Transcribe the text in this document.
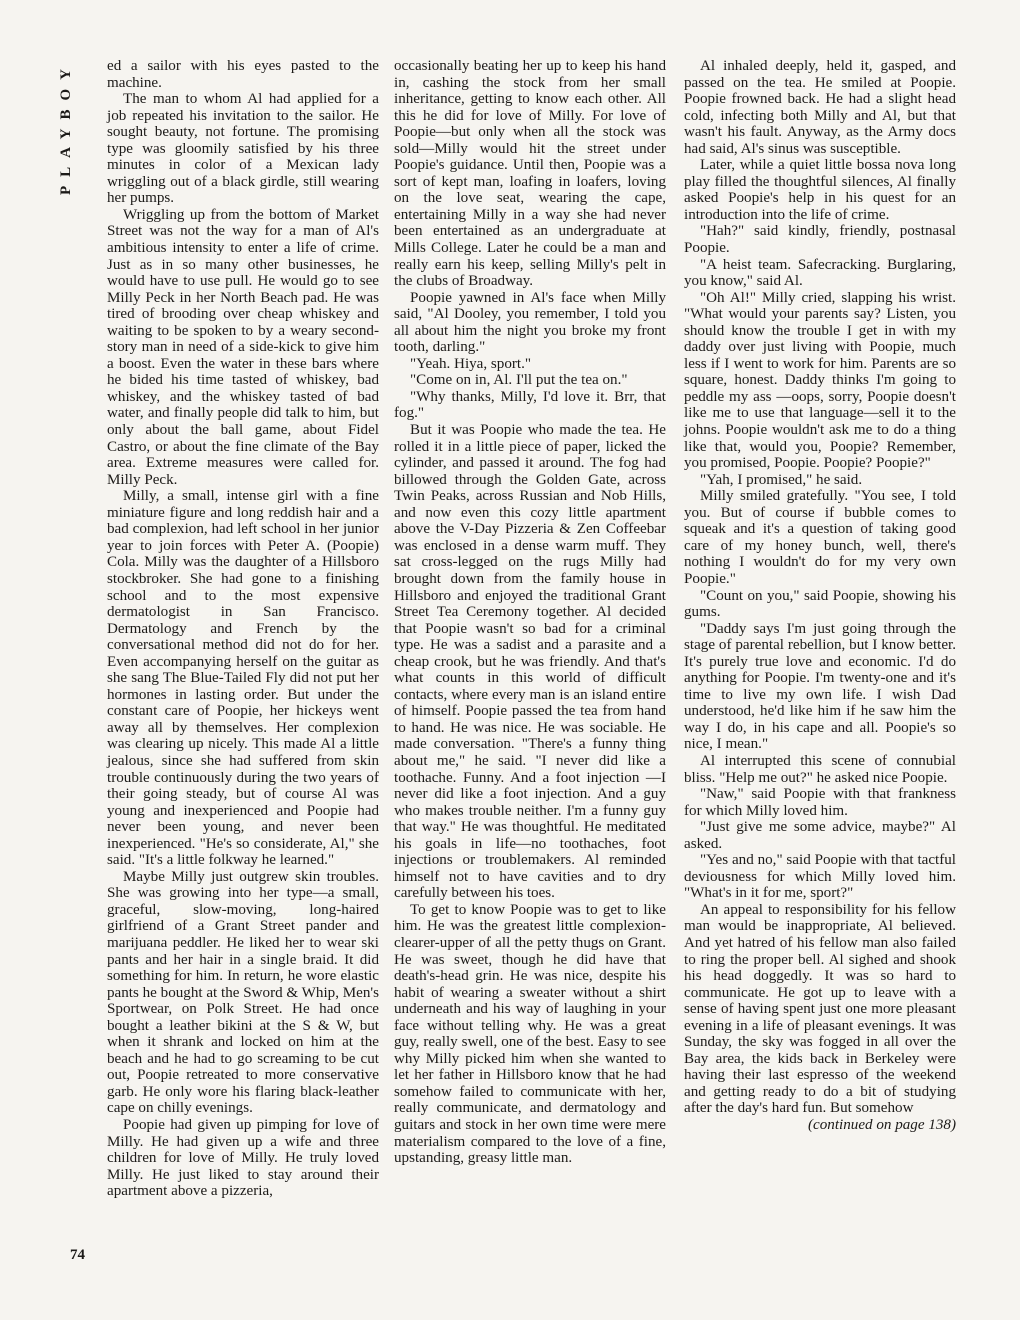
PLAYBOY	ed a sailor with his eyes pasted to the machine.

The man to whom Al had applied for a job repeated his invitation to the sailor. He sought beauty, not fortune. The promising type was gloomily satisfied by his three minutes in color of a Mexican lady wriggling out of a black girdle, still wearing her pumps.

Wriggling up from the bottom of Market Street was not the way for a man of Al's ambitious intensity to enter a life of crime. Just as in so many other businesses, he would have to use pull. He would go to see Milly Peck in her North Beach pad. He was tired of brooding over cheap whiskey and waiting to be spoken to by a weary second-story man in need of a side-kick to give him a boost. Even the water in these bars where he bided his time tasted of whiskey, bad whiskey, and the whiskey tasted of bad water, and finally people did talk to him, but only about the ball game, about Fidel Castro, or about the fine climate of the Bay area. Extreme measures were called for. Milly Peck.

Milly, a small, intense girl with a fine miniature figure and long reddish hair and a bad complexion, had left school in her junior year to join forces with Peter A. (Poopie) Cola. Milly was the daughter of a Hillsboro stockbroker. She had gone to a finishing school and to the most expensive dermatologist in San Francisco. Dermatology and French by the conversational method did not do for her. Even accompanying herself on the guitar as she sang The Blue-Tailed Fly did not put her hormones in lasting order. But under the constant care of Poopie, her hickeys went away all by themselves. Her complexion was clearing up nicely. This made Al a little jealous, since she had suffered from skin trouble continuously during the two years of their going steady, but of course Al was young and inexperienced and Poopie had never been young, and never been inexperienced. "He's so considerate, Al," she said. "It's a little folkway he learned."

Maybe Milly just outgrew skin troubles. She was growing into her type—a small, graceful, slow-moving, long-haired girlfriend of a Grant Street pander and marijuana peddler. He liked her to wear ski pants and her hair in a single braid. It did something for him. In return, he wore elastic pants he bought at the Sword & Whip, Men's Sportwear, on Polk Street. He had once bought a leather bikini at the S & W, but when it shrank and locked on him at the beach and he had to go screaming to be cut out, Poopie retreated to more conservative garb. He only wore his flaring black-leather cape on chilly evenings.

Poopie had given up pimping for love of Milly. He had given up a wife and three children for love of Milly. He truly loved Milly. He just liked to stay around their apartment above a pizzeria,

occasionally beating her up to keep his hand in, cashing the stock from her small inheritance, getting to know each other. All this he did for love of Milly. For love of Poopie—but only when all the stock was sold—Milly would hit the street under Poopie's guidance. Until then, Poopie was a sort of kept man, loafing in loafers, loving on the love seat, wearing the cape, entertaining Milly in a way she had never been entertained as an undergraduate at Mills College. Later he could be a man and really earn his keep, selling Milly's pelt in the clubs of Broadway.

Poopie yawned in Al's face when Milly said, "Al Dooley, you remember, I told you all about him the night you broke my front tooth, darling."

"Yeah. Hiya, sport."

"Come on in, Al. I'll put the tea on."

"Why thanks, Milly, I'd love it. Brr, that fog."

But it was Poopie who made the tea. He rolled it in a little piece of paper, licked the cylinder, and passed it around. The fog had billowed through the Golden Gate, across Twin Peaks, across Russian and Nob Hills, and now even this cozy little apartment above the V-Day Pizzeria & Zen Coffeebar was enclosed in a dense warm muff. They sat cross-legged on the rugs Milly had brought down from the family house in Hillsboro and enjoyed the traditional Grant Street Tea Ceremony together. Al decided that Poopie wasn't so bad for a criminal type. He was a sadist and a parasite and a cheap crook, but he was friendly. And that's what counts in this world of difficult contacts, where every man is an island entire of himself. Poopie passed the tea from hand to hand. He was nice. He was sociable. He made conversation. "There's a funny thing about me," he said. "I never did like a toothache. Funny. And a foot injection —I never did like a foot injection. And a guy who makes trouble neither. I'm a funny guy that way." He was thoughtful. He meditated his goals in life—no toothaches, foot injections or troublemakers. Al reminded himself not to have cavities and to dry carefully between his toes.

To get to know Poopie was to get to like him. He was the greatest little complexion-clearer-upper of all the petty thugs on Grant. He was sweet, though he did have that death's-head grin. He was nice, despite his habit of wearing a sweater without a shirt underneath and his way of laughing in your face without telling why. He was a great guy, really swell, one of the best. Easy to see why Milly picked him when she wanted to let her father in Hillsboro know that he had somehow failed to communicate with her, really communicate, and dermatology and guitars and stock in her own time were mere materialism compared to the love of a fine, upstanding, greasy little man.

Al inhaled deeply, held it, gasped, and passed on the tea. He smiled at Poopie. Poopie frowned back. He had a slight head cold, infecting both Milly and Al, but that wasn't his fault. Anyway, as the Army docs had said, Al's sinus was susceptible.

Later, while a quiet little bossa nova long play filled the thoughtful silences, Al finally asked Poopie's help in his quest for an introduction into the life of crime.

"Hah?" said kindly, friendly, postnasal Poopie.

"A heist team. Safecracking. Burglaring, you know," said Al.

"Oh Al!" Milly cried, slapping his wrist. "What would your parents say? Listen, you should know the trouble I get in with my daddy over just living with Poopie, much less if I went to work for him. Parents are so square, honest. Daddy thinks I'm going to peddle my ass —oops, sorry, Poopie doesn't like me to use that language—sell it to the johns. Poopie wouldn't ask me to do a thing like that, would you, Poopie? Remember, you promised, Poopie. Poopie? Poopie?"

"Yah, I promised," he said.

Milly smiled gratefully. "You see, I told you. But of course if bubble comes to squeak and it's a question of taking good care of my honey bunch, well, there's nothing I wouldn't do for my very own Poopie."

"Count on you," said Poopie, showing his gums.

"Daddy says I'm just going through the stage of parental rebellion, but I know better. It's purely true love and economic. I'd do anything for Poopie. I'm twenty-one and it's time to live my own life. I wish Dad understood, he'd like him if he saw him the way I do, in his cape and all. Poopie's so nice, I mean."

Al interrupted this scene of connubial bliss. "Help me out?" he asked nice Poopie.

"Naw," said Poopie with that frankness for which Milly loved him.

"Just give me some advice, maybe?" Al asked.

"Yes and no," said Poopie with that tactful deviousness for which Milly loved him. "What's in it for me, sport?"

An appeal to responsibility for his fellow man would be inappropriate, Al believed. And yet hatred of his fellow man also failed to ring the proper bell. Al sighed and shook his head doggedly. It was so hard to communicate. He got up to leave with a sense of having spent just one more pleasant evening in a life of pleasant evenings. It was Sunday, the sky was fogged in all over the Bay area, the kids back in Berkeley were having their last espresso of the weekend and getting ready to do a bit of studying after the day's hard fun. But somehow

(continued on page 138)
74
